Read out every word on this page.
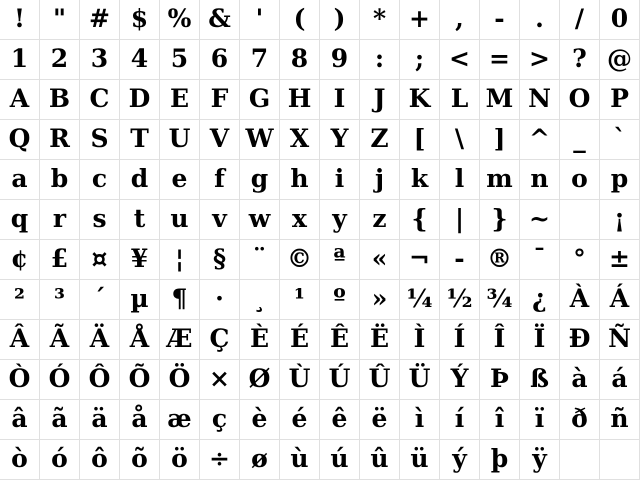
!	" # $ % & '	(	)	* +	,	-	.	/	0
1 2 3 4 5 6 7 8 9	:	; < = > ? @
A B C D E F G H I	J K L M N O P
Q R S T U V W X Y Z [	\	] ^ _	`
a b c d e	f	g h	i	j	k	l m n o p
q r	s	t	u v w x	y	z {	|	} ~	¡
¢ £ ¤ ¥	¦	§	¨ © ª	« ¬ - ® ¯	° ±
²	³	´ µ ¶	·	¸	¹	º	» ¼ ½ ¾ ¿ À Á
Â Ã Ä Å Æ Ç È É Ê Ë Ì	Í	Î	Ï Ð Ñ
Ò Ó Ô Õ Ö × Ø Ù Ú Û Ü Ý Þ ß à á
â ã ä å æ ç è é ê ë	ì	í	î	ï	ð ñ
ò ó ô õ ö ÷ ø ù ú û ü ý þ ÿ
